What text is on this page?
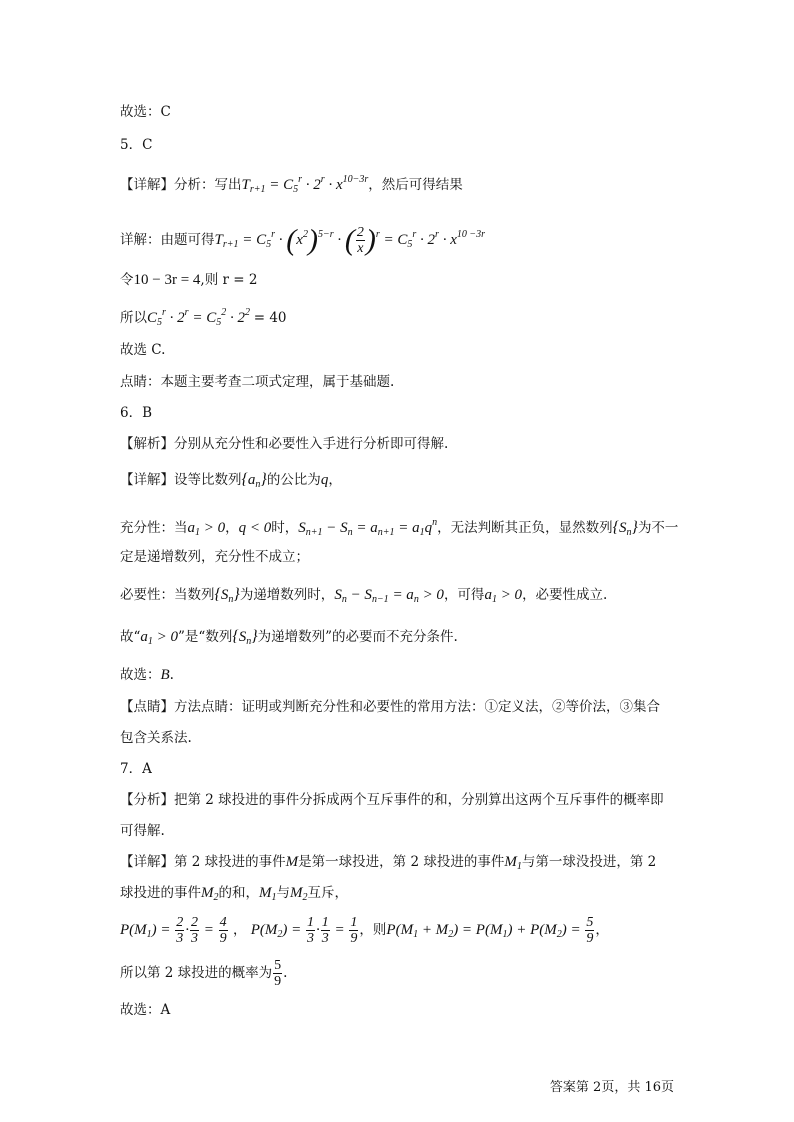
故选：C
5．C
【详解】分析：写出$T_{r+1} = C_5^r \cdot 2^r \cdot x^{10-3r}$，然后可得结果
详解：由题可得$T_{r+1} = C_5^r \cdot (x^2)^{5-r}$ · ( $\frac{2}{x} )^r = C_5^r \cdot 2^r \cdot x^{10 -3r}$
令10 − 3r = 4,则 r = 2
所以$C_5^r \cdot 2^r = C_5^2 \cdot 2^2 = 40$
故选 C.
点睛：本题主要考查二项式定理，属于基础题.
6．B
【解析】分别从充分性和必要性入手进行分析即可得解.
【详解】设等比数列$\{a_n\}$的公比为q，
充分性：当$a_1 > 0$，q < 0时，$S_{n+1} - S_n = a_{n+1} = a_1q^n$，无法判断其正负，显然数列$\{S_n\}$为不一
定是递增数列，充分性不成立；
必要性：当数列$\{S_n\}$为递增数列时，$S_n - S_{n-1} = a_n > 0$，可得$a_1 > 0$，必要性成立.
故“$a_1 > 0$”是“数列$\{S_n\}$为递增数列”的必要而不充分条件.
故选：B.
【点睛】方法点睛：证明或判断充分性和必要性的常用方法：①定义法，②等价法，③集合
包含关系法.
7．A
【分析】把第 2 球投进的事件分拆成两个互斥事件的和，分别算出这两个互斥事件的概率即
可得解.
【详解】第 2 球投进的事件M是第一球投进，第 2 球投进的事件$M_1$与第一球没投进，第 2
球投进的事件$M_2$的和，$M_1$与$M_2$互斥，
$P(M_1) = \frac{2}{3} \cdot \frac{2}{3} = \frac{4}{9}$ ， $P(M_2) = \frac{1}{3} \cdot \frac{1}{3} = \frac{1}{9}$ ，则$P(M_1 + M_2) = P(M_1) + P(M_2) = \frac{5}{9}$ ，
所以第 2 球投进的概率为 $\frac{5}{9}$ .
故选：A
答案第 2页，共 16页
